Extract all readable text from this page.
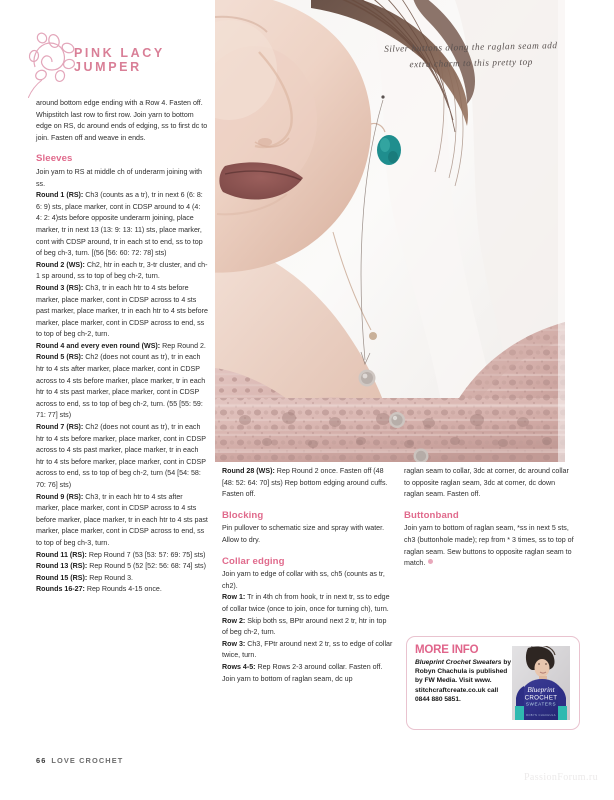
Silver buttons along the raglan seam add extra charm to this pretty top
PINK LACY JUMPER

around bottom edge ending with a Row 4. Fasten off. Whipstitch last row to first row. Join yarn to bottom edge on RS, dc around ends of edging, ss to first dc to join. Fasten off and weave in ends.

Sleeves

Join yarn to RS at middle ch of underarm joining with ss.

Round 1 (RS): Ch3 (counts as a tr), tr in next 6 (6: 8: 6: 9) sts, place marker, cont in CDSP around to 4 (4: 4: 2: 4)sts before opposite underarm joining, place marker, tr in next 13 (13: 9: 13: 11) sts, place marker, cont with CDSP around, tr in each st to end, ss to top of beg ch-3, turn. [(56 [56: 60: 72: 78] sts)

Round 2 (WS): Ch2, htr in each tr, 3-tr cluster, and ch-1 sp around, ss to top of beg ch-2, turn.

Round 3 (RS): Ch3, tr in each htr to 4 sts before marker, place marker, cont in CDSP across to 4 sts past marker, place marker, tr in each htr to 4 sts before marker, place marker, cont in CDSP across to end, ss to top of beg ch-2, turn.

Round 4 and every even round (WS): Rep Round 2.

Round 5 (RS): Ch2 (does not count as tr), tr in each htr to 4 sts after marker, place marker, cont in CDSP across to 4 sts before marker, place marker, tr in each htr to 4 sts past marker, place marker, cont in CDSP across to end, ss to top of beg ch-2, turn. (55 [55: 59: 71: 77] sts)

Round 7 (RS): Ch2 (does not count as tr), tr in each htr to 4 sts before marker, place marker, cont in CDSP across to 4 sts past marker, place marker, tr in each htr to 4 sts before marker, place marker, cont in CDSP across to end, ss to top of beg ch-2, turn (54 [54: 58: 70: 76] sts)

Round 9 (RS): Ch3, tr in each htr to 4 sts after marker, place marker, cont in CDSP across to 4 sts before marker, place marker, tr in each htr to 4 sts past marker, place marker, cont in CDSP across to end, ss to top of beg ch-3, turn.

Round 11 (RS): Rep Round 7 (53 [53: 57: 69: 75] sts)

Round 13 (RS): Rep Round 5 (52 [52: 56: 68: 74] sts)

Round 15 (RS): Rep Round 3.

Rounds 16-27: Rep Rounds 4-15 once.

Round 28 (WS): Rep Round 2 once. Fasten off (48 [48: 52: 64: 70] sts) Rep bottom edging around cuffs. Fasten off.

Blocking

Pin pullover to schematic size and spray with water. Allow to dry.

Collar edging

Join yarn to edge of collar with ss, ch5 (counts as tr, ch2).

Row 1: Tr in 4th ch from hook, tr in next tr, ss to edge of collar twice (once to join, once for turning ch), turn.

Row 2: Skip both ss, BPtr around next 2 tr, htr in top of beg ch-2, turn.

Row 3: Ch3, FPtr around next 2 tr, ss to edge of collar twice, turn.

Rows 4-5: Rep Rows 2-3 around collar. Fasten off. Join yarn to bottom of raglan seam, dc up

raglan seam to collar, 3dc at corner, dc around collar to opposite raglan seam, 3dc at corner, dc down raglan seam. Fasten off.

Buttonband

Join yarn to bottom of raglan seam, *ss in next 5 sts, ch3 (buttonhole made); rep from * 3 times, ss to top of raglan seam. Sew buttons to opposite raglan seam to match.

MORE INFO
Blueprint Crochet Sweaters by Robyn Chachula is published by FW Media. Visit www. stitchcraftcreate.co.uk call 0844 880 5851.
Blueprint
CROCHET
SWEATERS
ROBYN CHACHULA
66 LOVE CROCHET
PassionForum.ru
